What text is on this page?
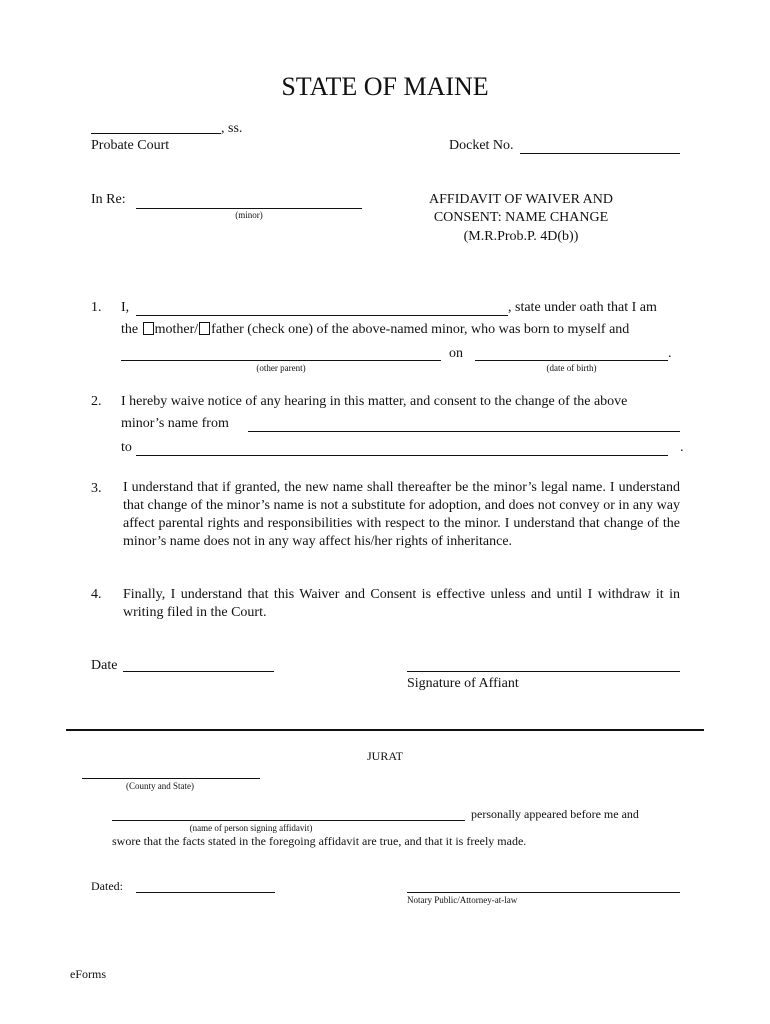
STATE OF MAINE
, ss.
Probate Court	Docket No.
In Re:
(minor)
AFFIDAVIT OF WAIVER AND
CONSENT: NAME CHANGE
(M.R.Prob.P. 4D(b))
1. I,	, state under oath that I am
the mother/ father (check one) of the above-named minor, who was born to myself and
on	.
(other parent)	(date of birth)
2. I hereby waive notice of any hearing in this matter, and consent to the change of the above
minor’s name from
to	.
3. I understand that if granted, the new name shall thereafter be the minor’s legal name. I understand that change of the minor’s name is not a substitute for adoption, and does not convey or in any way affect parental rights and responsibilities with respect to the minor. I understand that change of the minor’s name does not in any way affect his/her rights of inheritance.
4. Finally, I understand that this Waiver and Consent is effective unless and until I withdraw it in writing filed in the Court.
Date
Signature of Affiant
JURAT
(County and State)
personally appeared before me and
(name of person signing affidavit)
swore that the facts stated in the foregoing affidavit are true, and that it is freely made.
Dated:
Notary Public/Attorney-at-law
eForms
